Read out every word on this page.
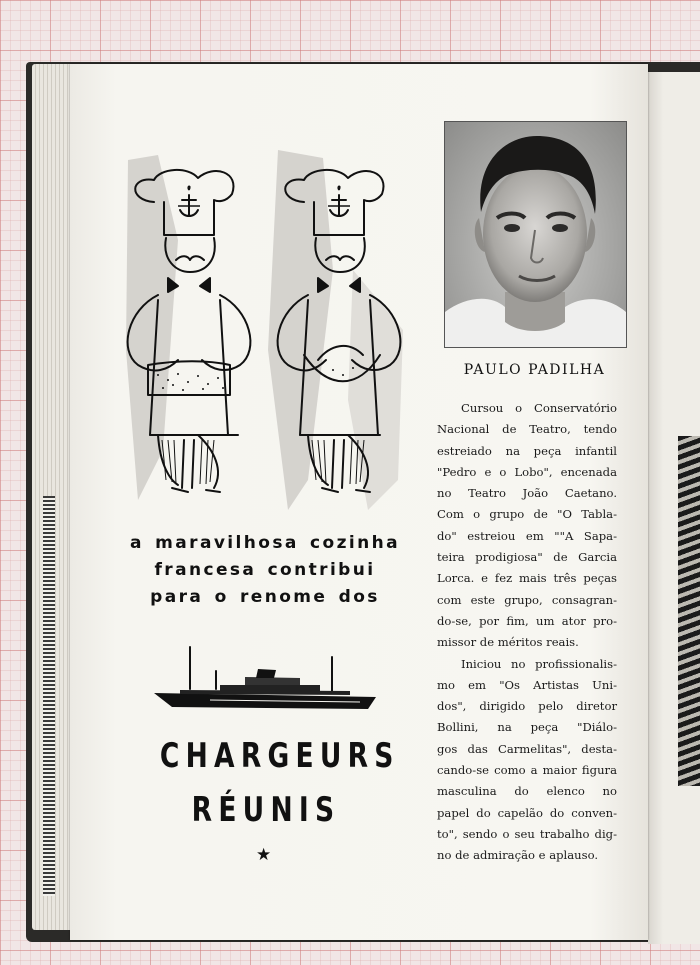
a maravilhosa cozinha
francesa contribui
para o renome dos
CHARGEURS
RÉUNIS
★
PAULO PADILHA
Cursou o Conservatório
Nacional de Teatro, tendo
estreiado na peça infantil
"Pedro e o Lobo", encenada
no Teatro João Caetano.
Com o grupo de "O Tabla-
do" estreiou em ""A Sapa-
teira prodigiosa" de Garcia
Lorca. e fez mais três peças
com este grupo, consagran-
do-se, por fim, um ator pro-
missor de méritos reais.
Iniciou no profissionalis-
mo em "Os Artistas Uni-
dos", dirigido pelo diretor
Bollini, na peça "Diálo-
gos das Carmelitas", desta-
cando-se como a maior figura
masculina do elenco no
papel do capelão do conven-
to", sendo o seu trabalho dig-
no de admiração e aplauso.
